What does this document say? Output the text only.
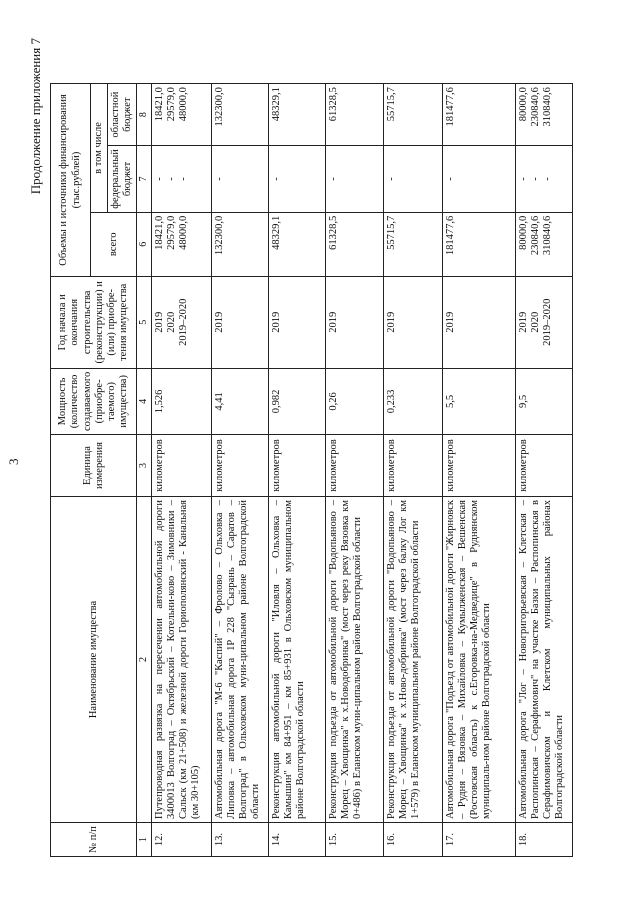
3
Продолжение приложения 7
№ п/п	Наименование имущества	Единица измерения	Мощность (количество создаваемого (приобре-таемого) имущества)	Год начала и окончания строительства (реконструкции) и (или) приобре-тения имущества	Объемы и источники финансирования (тыс.рублей)		
					всего	в том числе	
						федеральный бюджет	областной бюджет
1	2	3	4	5	6	7	8
12.	Путепроводная развязка на пересечении автомобильной дороги 3400013 Волгоград – Октябрьский – Котельни-ково – Зимовники – Сальск (км 21+508) и железной дороги Гориополянский - Канальная (км 30+105)	километров	1,526	2019 2020 2019–2020	18421,0 29579,0 48000,0	- - -	18421,0 29579,0 48000,0

13.	Автомобильная дорога "М-6 "Каспий" – Фролово – Ольховка – Липовка – автомобильная дорога 1Р 228 "Сызрань – Саратов – Волгоград" в Ольховском муни-ципальном районе Волгоградской области	километров	4,41	2019	132300,0	-	132300,0

14.	Реконструкция автомобильной дороги "Иловля – Ольховка – Камышин" км 84+951 – км 85+931 в Ольховском муниципальном районе Волгоградской области	километров	0,982	2019	48329,1	-	48329,1

15.	Реконструкция подъезда от автомобильной дороги "Водопьяново – Морец – Хвощинка" к х.Новодобринка" (мост через реку Вязовка км 0+486) в Еланском муни-ципальном районе Волгоградской области	километров	0,26	2019	61328,5	-	61328,5

16.	Реконструкция подъезда от автомобильной дороги "Водопьяново – Морец – Хвощинка" к х.Ново-добринка" (мост через балку Лог км 1+579) в Еланском муниципальном районе Волгоградской области	километров	0,233	2019	55715,7	-	55715,7

17.	Автомобильная дорога "Подъезд от автомобильной дороги "Жирновск – Рудня – Вязовка – Михайловка – Кумылженская – Вешенская (Ростовская область) к с.Егоровка-на-Медведице" в Руднянском муниципаль-ном районе Волгоградской области	километров	5,5	2019	181477,6	-	181477,6

18.	Автомобильная дорога "Лог – Новогригорьевская – Клетская – Распопинская – Серафимович" на участке Базки – Распопинская в Серафимовичском и Клетском муниципальных районах Волгоградской области	километров	9,5	2019 2020 2019–2020	80000,0 230840,6 310840,6	- - -	80000,0 230840,6 310840,6
